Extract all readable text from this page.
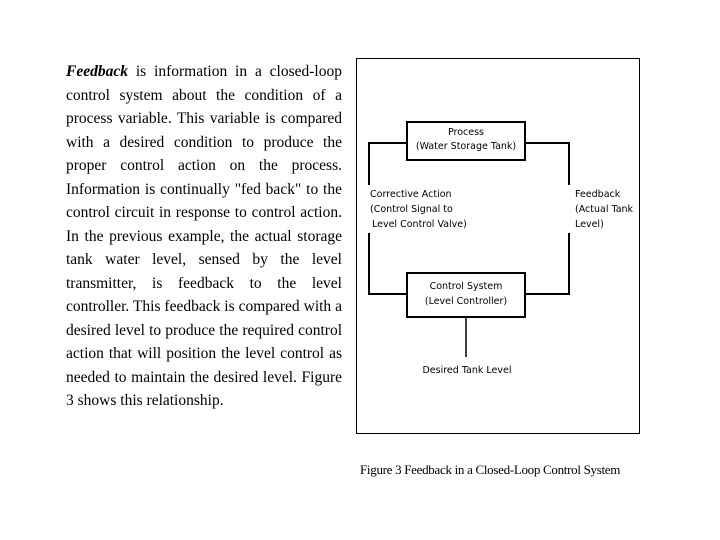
Feedback is information in a closed-loop control system about the condition of a process variable. This variable is compared with a desired condition to produce the proper control action on the process. Information is continually "fed back" to the control circuit in response to control action. In the previous example, the actual storage tank water level, sensed by the level transmitter, is feedback to the level controller. This feedback is compared with a desired level to produce the required control action that will position the level control as needed to maintain the desired level. Figure 3 shows this relationship.
Process
(Water Storage Tank)
Control System
(Level Controller)
Corrective Action
(Control Signal to
Level Control Valve)
Feedback
(Actual Tank
Level)
Desired Tank Level
Figure 3 Feedback in a Closed-Loop Control System
